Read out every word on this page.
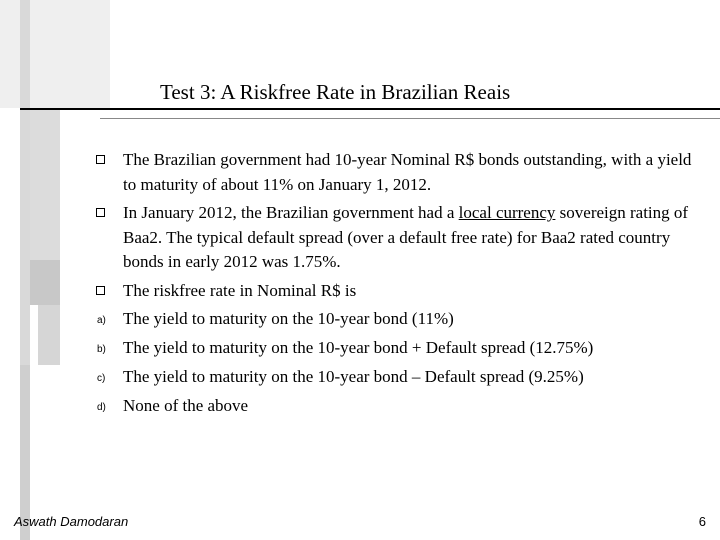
Test 3: A Riskfree Rate in Brazilian Reais
The Brazilian government had 10-year Nominal R$ bonds outstanding, with a yield to maturity of about 11% on January 1, 2012.
In January 2012, the Brazilian government had a local currency sovereign rating of Baa2. The typical default spread (over a default free rate) for Baa2 rated country bonds in early 2012 was 1.75%.
The riskfree rate in Nominal R$ is
a) The yield to maturity on the 10-year bond (11%)
b) The yield to maturity on the 10-year bond + Default spread (12.75%)
c) The yield to maturity on the 10-year bond – Default spread (9.25%)
d) None of the above
Aswath Damodaran	6
